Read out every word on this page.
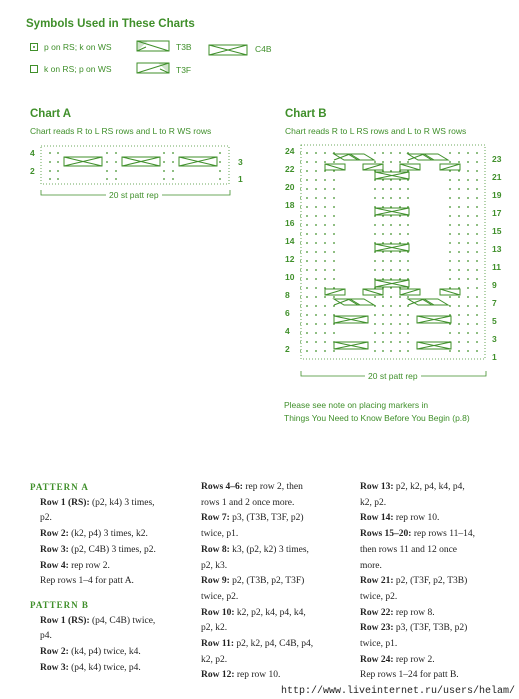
Symbols Used in These Charts
p on RS; k on WS
k on RS; p on WS
T3B
T3F
C4B
Chart A
Chart reads R to L RS rows and L to R WS rows
4
2
3
1
20 st patt rep
Chart B
Chart reads R to L RS rows and L to R WS rows
24
22
20
18
16
14
12
10
8
6
4
2
23
21
19
17
15
13
11
9
7
5
3
1
20 st patt rep
Please see note on placing markers in
Things You Need to Know Before You Begin (p.8)
PATTERN A
Row 1 (RS): (p2, k4) 3 times,
p2.
Row 2: (k2, p4) 3 times, k2.
Row 3: (p2, C4B) 3 times, p2.
Row 4: rep row 2.
Rep rows 1–4 for patt A.
PATTERN B
Row 1 (RS): (p4, C4B) twice,
p4.
Row 2: (k4, p4) twice, k4.
Row 3: (p4, k4) twice, p4.
Rows 4–6: rep row 2, then
rows 1 and 2 once more.
Row 7: p3, (T3B, T3F, p2)
twice, p1.
Row 8: k3, (p2, k2) 3 times,
p2, k3.
Row 9: p2, (T3B, p2, T3F)
twice, p2.
Row 10: k2, p2, k4, p4, k4,
p2, k2.
Row 11: p2, k2, p4, C4B, p4,
k2, p2.
Row 12: rep row 10.
Row 13: p2, k2, p4, k4, p4,
k2, p2.
Row 14: rep row 10.
Rows 15–20: rep rows 11–14,
then rows 11 and 12 once
more.
Row 21: p2, (T3F, p2, T3B)
twice, p2.
Row 22: rep row 8.
Row 23: p3, (T3F, T3B, p2)
twice, p1.
Row 24: rep row 2.
Rep rows 1–24 for patt B.
http://www.liveinternet.ru/users/helam/
